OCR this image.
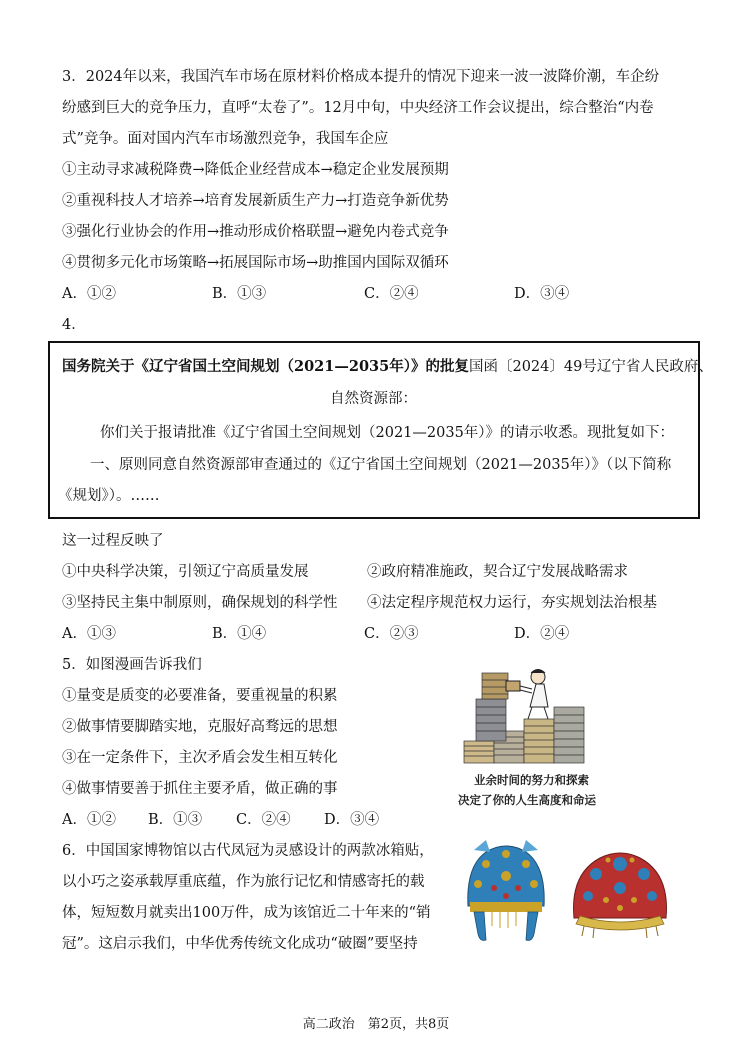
3．2024年以来，我国汽车市场在原材料价格成本提升的情况下迎来一波一波降价潮，车企纷
纷感到巨大的竞争压力，直呼“太卷了”。12月中旬，中央经济工作会议提出，综合整治“内卷
式”竞争。面对国内汽车市场激烈竞争，我国车企应
①主动寻求减税降费→降低企业经营成本→稳定企业发展预期
②重视科技人才培养→培育发展新质生产力→打造竞争新优势
③强化行业协会的作用→推动形成价格联盟→避免内卷式竞争
④贯彻多元化市场策略→拓展国际市场→助推国内国际双循环
A．①②	B．①③	C．②④	D．③④
4．
国务院关于《辽宁省国土空间规划（2021—2035年）》的批复国函〔2024〕49号辽宁省人民政府、
自然资源部：
你们关于报请批准《辽宁省国土空间规划（2021—2035年）》的请示收悉。现批复如下：
一、原则同意自然资源部审查通过的《辽宁省国土空间规划（2021—2035年）》（以下简称
《规划》）。……
这一过程反映了
①中央科学决策，引领辽宁高质量发展	②政府精准施政，契合辽宁发展战略需求
③坚持民主集中制原则，确保规划的科学性 ④法定程序规范权力运行，夯实规划法治根基
A．①③	B．①④	C．②③	D．②④
5．如图漫画告诉我们
①量变是质变的必要准备，要重视量的积累
②做事情要脚踏实地，克服好高骛远的思想
③在一定条件下，主次矛盾会发生相互转化
④做事情要善于抓住主要矛盾，做正确的事
A．①② B．①③ C．②④ D．③④
业余时间的努力和探索
决定了你的人生高度和命运
6．中国国家博物馆以古代凤冠为灵感设计的两款冰箱贴，
以小巧之姿承载厚重底蕴，作为旅行记忆和情感寄托的载
体，短短数月就卖出100万件，成为该馆近二十年来的“销
冠”。这启示我们，中华优秀传统文化成功“破圈”要坚持
高二政治　第2页，共8页
